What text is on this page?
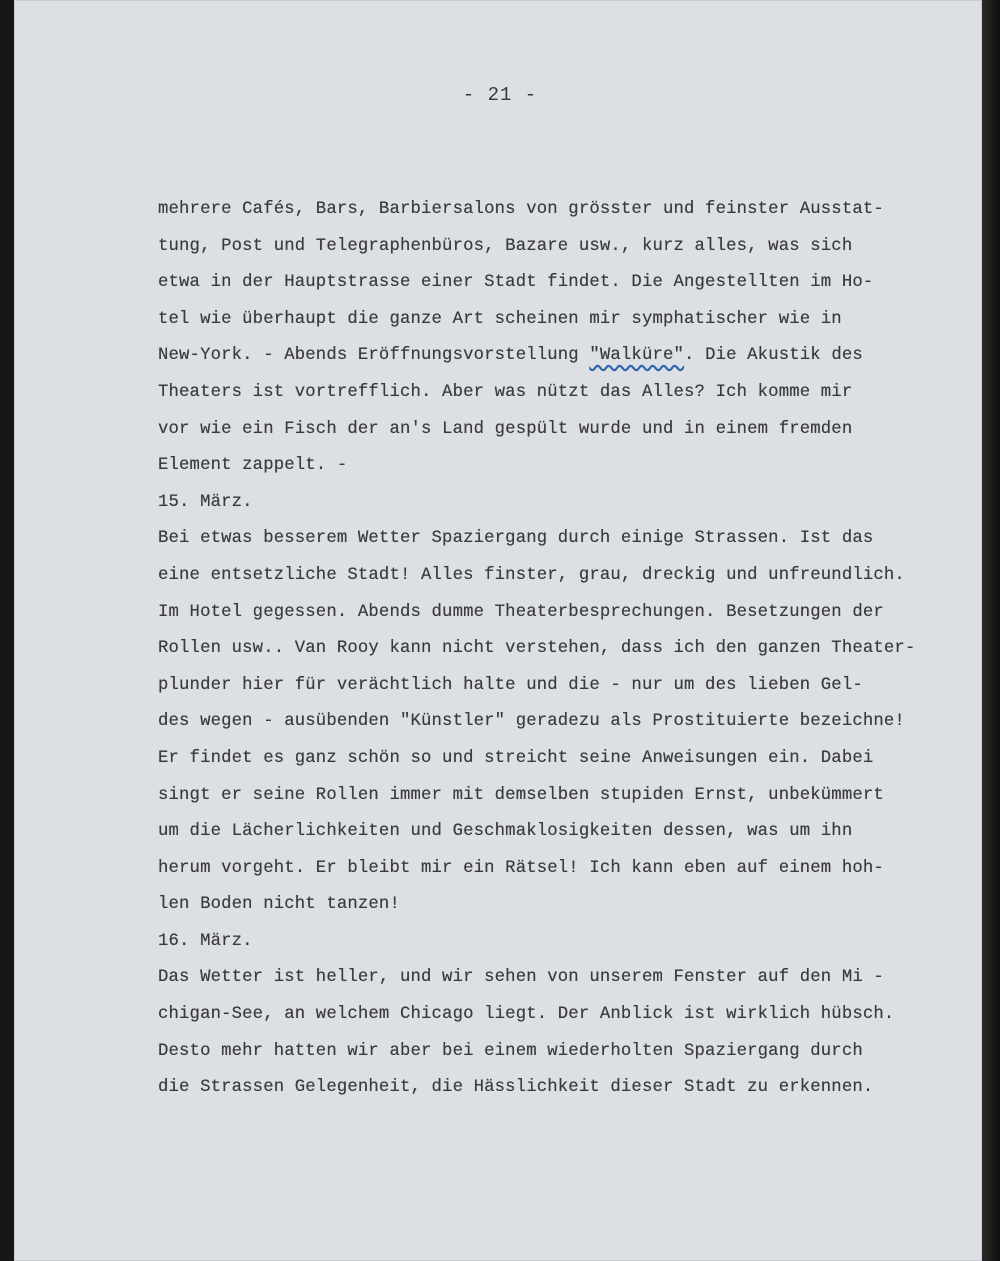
- 21 -
mehrere Cafés, Bars, Barbiersalons von grösster und feinster Ausstat-
tung, Post und Telegraphenbüros, Bazare usw., kurz alles, was sich
etwa in der Hauptstrasse einer Stadt findet. Die Angestellten im Ho-
tel wie überhaupt die ganze Art scheinen mir symphatischer wie in
New-York. - Abends Eröffnungsvorstellung "Walküre". Die Akustik des
Theaters ist vortrefflich. Aber was nützt das Alles? Ich komme mir
vor wie ein Fisch der an's Land gespült wurde und in einem fremden
Element zappelt. -
15. März.
Bei etwas besserem Wetter Spaziergang durch einige Strassen. Ist das
eine entsetzliche Stadt! Alles finster, grau, dreckig und unfreundlich.
Im Hotel gegessen. Abends dumme Theaterbesprechungen. Besetzungen der
Rollen usw.. Van Rooy kann nicht verstehen, dass ich den ganzen Theater-
plunder hier für verächtlich halte und die - nur um des lieben Gel-
des wegen - ausübenden "Künstler" geradezu als Prostituierte bezeichne!
Er findet es ganz schön so und streicht seine Anweisungen ein. Dabei
singt er seine Rollen immer mit demselben stupiden Ernst, unbekümmert
um die Lächerlichkeiten und Geschmaklosigkeiten dessen, was um ihn
herum vorgeht. Er bleibt mir ein Rätsel! Ich kann eben auf einem hoh-
len Boden nicht tanzen!
16. März.
Das Wetter ist heller, und wir sehen von unserem Fenster auf den Mi -
chigan-See, an welchem Chicago liegt. Der Anblick ist wirklich hübsch.
Desto mehr hatten wir aber bei einem wiederholten Spaziergang durch
die Strassen Gelegenheit, die Hässlichkeit dieser Stadt zu erkennen.
